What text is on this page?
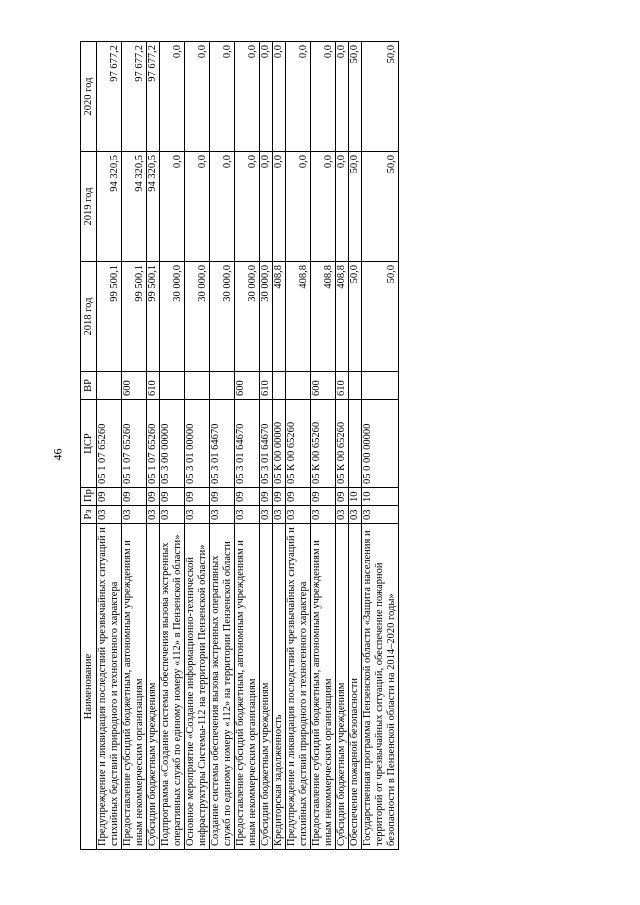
46
Наименование	Рз	Пр	ЦСР	ВР	2018 год	2019 год	2020 год
Предупреждение и ликвидация последствий чрезвычайных ситуаций и стихийных бедствий природного и техногенного характера	03	09	05 1 07 65260		99 500,1	94 320,5	97 677,2
Предоставление субсидий бюджетным, автономным учреждениям и иным некоммерческим организациям	03	09	05 1 07 65260	600	99 500,1	94 320,5	97 677,2
Субсидии бюджетным учреждениям	03	09	05 1 07 65260	610	99 500,1	94 320,5	97 677,2
Подпрограмма «Создание системы обеспечения вызова экстренных оперативных служб по единому номеру «112» в Пензенской области»	03	09	05 3 00 00000		30 000,0	0,0	0,0
Основное мероприятие «Создание информационно-технической инфраструктуры Системы-112 на территории Пензенской области»	03	09	05 3 01 00000		30 000,0	0,0	0,0
Создание системы обеспечения вызова экстренных оперативных служб по единому номеру «112» на территории Пензенской области	03	09	05 3 01 64670		30 000,0	0,0	0,0
Предоставление субсидий бюджетным, автономным учреждениям и иным некоммерческим организациям	03	09	05 3 01 64670	600	30 000,0	0,0	0,0
Субсидии бюджетным учреждениям	03	09	05 3 01 64670	610	30 000,0	0,0	0,0
Кредиторская задолженность	03	09	05 К 00 00000		408,8	0,0	0,0
Предупреждение и ликвидация последствий чрезвычайных ситуаций и стихийных бедствий природного и техногенного характера	03	09	05 К 00 65260		408,8	0,0	0,0
Предоставление субсидий бюджетным, автономным учреждениям и иным некоммерческим организациям	03	09	05 К 00 65260	600	408,8	0,0	0,0
Субсидии бюджетным учреждениям	03	09	05 К 00 65260	610	408,8	0,0	0,0
Обеспечение пожарной безопасности	03	10			50,0	50,0	50,0
Государственная программа Пензенской области «Защита населения и территорий от чрезвычайных ситуаций, обеспечение пожарной безопасности в Пензенской области на 2014–2020 годы»	03	10	05 0 00 00000		50,0	50,0	50,0
